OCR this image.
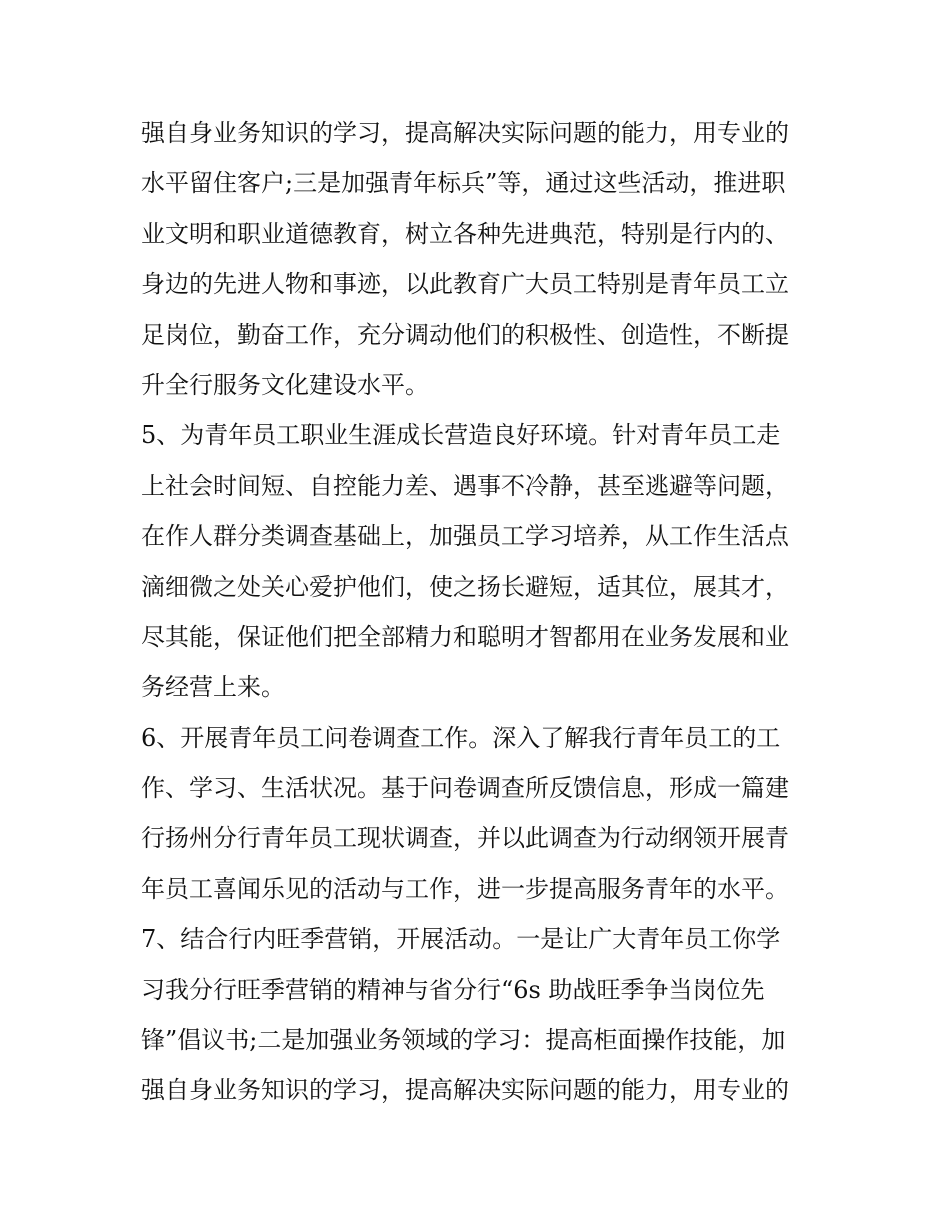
强自身业务知识的学习，提高解决实际问题的能力，用专业的
水平留住客户;三是加强青年标兵”等，通过这些活动，推进职
业文明和职业道德教育，树立各种先进典范，特别是行内的、
身边的先进人物和事迹，以此教育广大员工特别是青年员工立
足岗位，勤奋工作，充分调动他们的积极性、创造性，不断提
升全行服务文化建设水平。
5、为青年员工职业生涯成长营造良好环境。针对青年员工走
上社会时间短、自控能力差、遇事不冷静，甚至逃避等问题，
在作人群分类调查基础上，加强员工学习培养，从工作生活点
滴细微之处关心爱护他们，使之扬长避短，适其位，展其才，
尽其能，保证他们把全部精力和聪明才智都用在业务发展和业
务经营上来。
6、开展青年员工问卷调查工作。深入了解我行青年员工的工
作、学习、生活状况。基于问卷调查所反馈信息，形成一篇建
行扬州分行青年员工现状调查，并以此调查为行动纲领开展青
年员工喜闻乐见的活动与工作，进一步提高服务青年的水平。
7、结合行内旺季营销，开展活动。一是让广大青年员工你学
习我分行旺季营销的精神与省分行“6s 助战旺季争当岗位先
锋”倡议书;二是加强业务领域的学习：提高柜面操作技能，加
强自身业务知识的学习，提高解决实际问题的能力，用专业的
